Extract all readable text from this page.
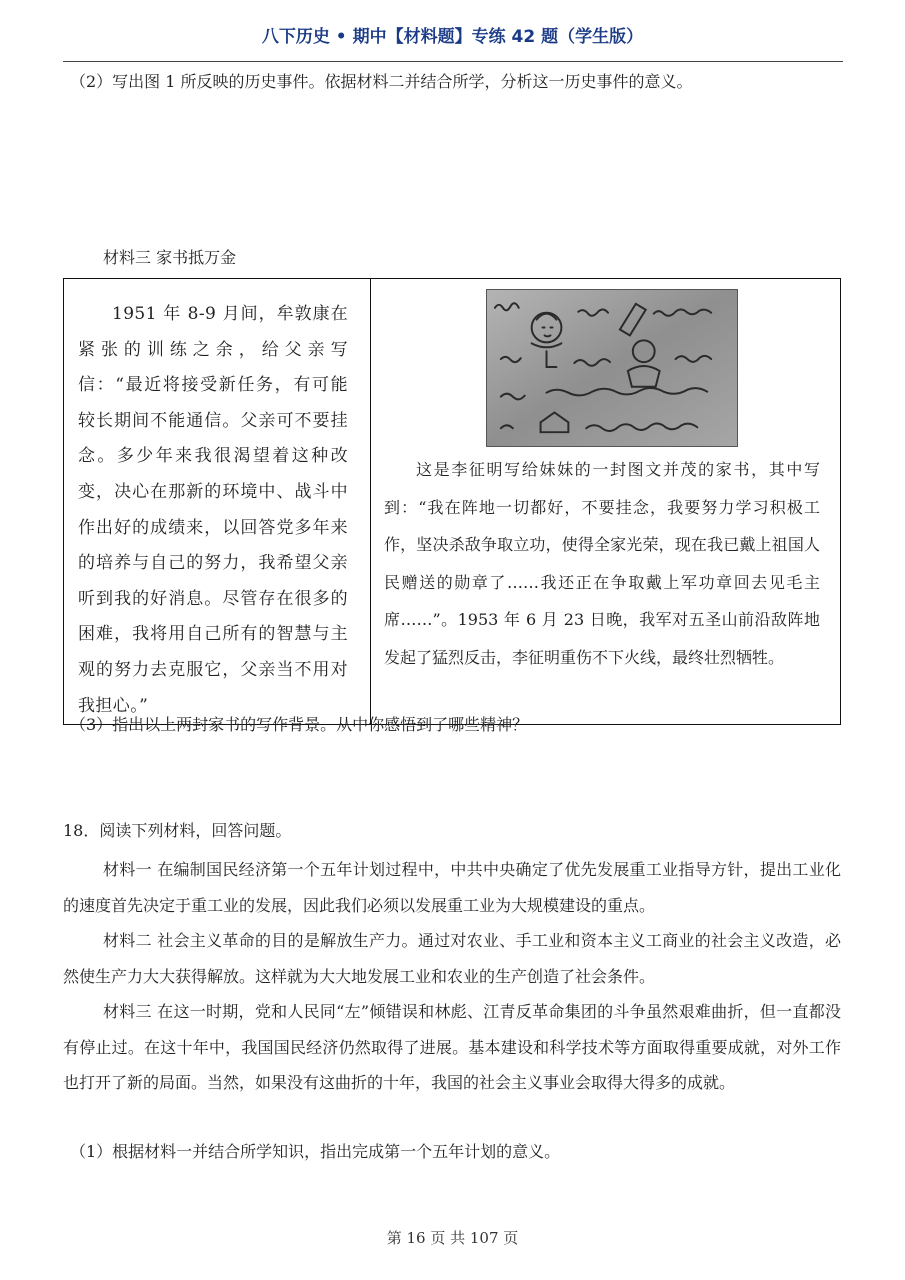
八下历史 • 期中【材料题】专练 42 题（学生版）
（2）写出图 1 所反映的历史事件。依据材料二并结合所学，分析这一历史事件的意义。
材料三 家书抵万金
1951 年 8-9 月间，牟敦康在紧张的训练之余，给父亲写信：“最近将接受新任务，有可能较长期间不能通信。父亲可不要挂念。多少年来我很渴望着这种改变，决心在那新的环境中、战斗中作出好的成绩来，以回答党多年来的培养与自己的努力，我希望父亲听到我的好消息。尽管存在很多的困难，我将用自己所有的智慧与主观的努力去克服它，父亲当不用对我担心。”

这是李征明写给妹妹的一封图文并茂的家书，其中写到：“我在阵地一切都好，不要挂念，我要努力学习积极工作，坚决杀敌争取立功，使得全家光荣，现在我已戴上祖国人民赠送的勋章了……我还正在争取戴上军功章回去见毛主席……”。1953 年 6 月 23 日晚，我军对五圣山前沿敌阵地发起了猛烈反击，李征明重伤不下火线，最终壮烈牺牲。
（3）指出以上两封家书的写作背景。从中你感悟到了哪些精神？
18．阅读下列材料，回答问题。

材料一 在编制国民经济第一个五年计划过程中，中共中央确定了优先发展重工业指导方针，提出工业化的速度首先决定于重工业的发展，因此我们必须以发展重工业为大规模建设的重点。

材料二 社会主义革命的目的是解放生产力。通过对农业、手工业和资本主义工商业的社会主义改造，必然使生产力大大获得解放。这样就为大大地发展工业和农业的生产创造了社会条件。

材料三 在这一时期，党和人民同“左”倾错误和林彪、江青反革命集团的斗争虽然艰难曲折，但一直都没有停止过。在这十年中，我国国民经济仍然取得了进展。基本建设和科学技术等方面取得重要成就，对外工作也打开了新的局面。当然，如果没有这曲折的十年，我国的社会主义事业会取得大得多的成就。

（1）根据材料一并结合所学知识，指出完成第一个五年计划的意义。
第 16 页 共 107 页
